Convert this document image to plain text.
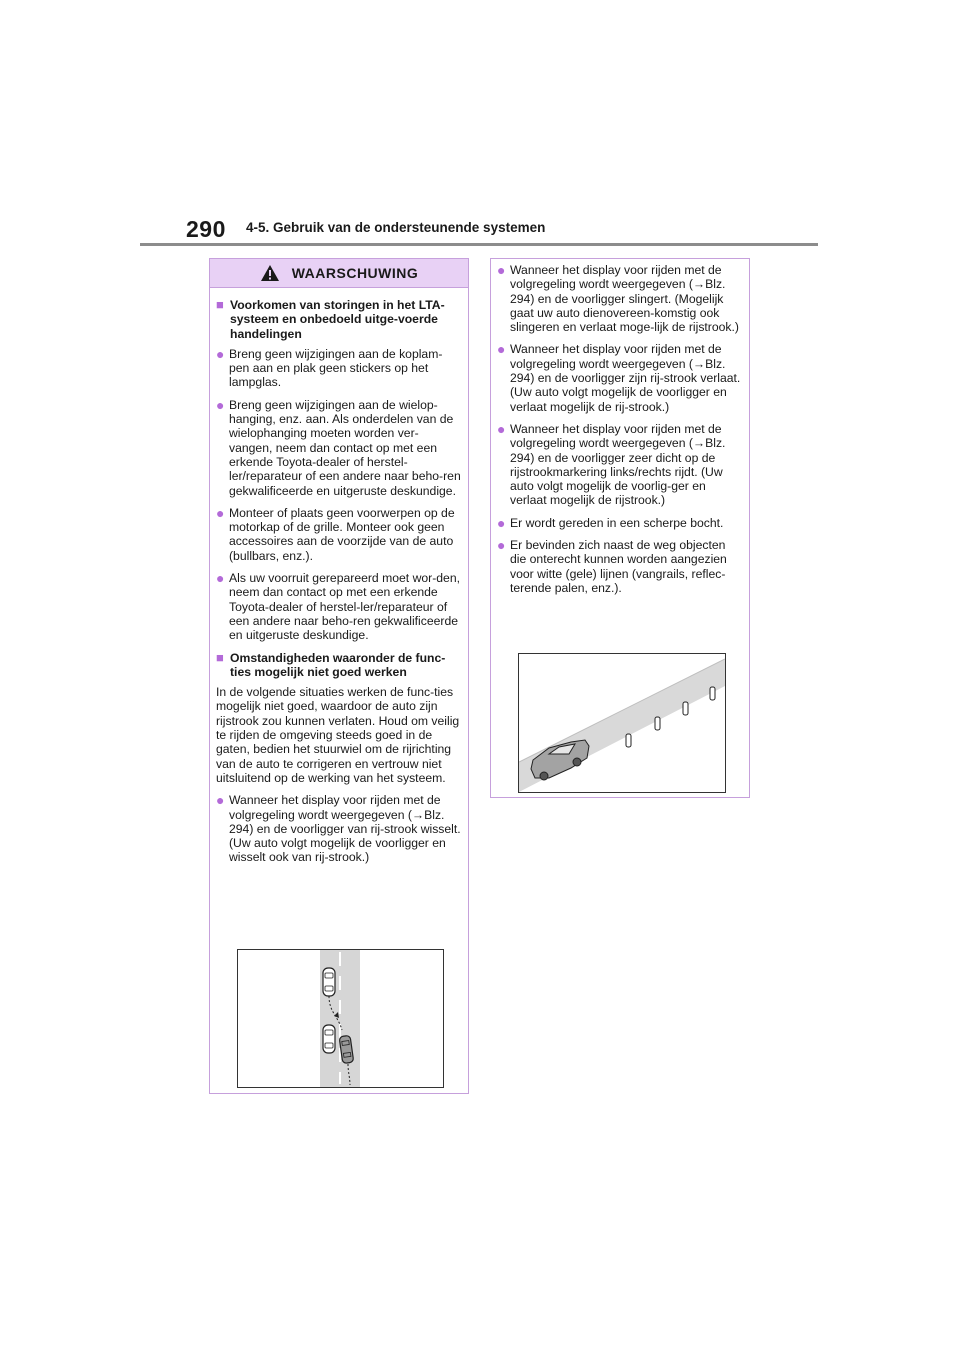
290 4-5. Gebruik van de ondersteunende systemen
WAARSCHUWING
■ Voorkomen van storingen in het LTA-systeem en onbedoeld uitge-voerde handelingen
● Breng geen wijzigingen aan de koplam-pen aan en plak geen stickers op het lampglas.
● Breng geen wijzigingen aan de wielop-hanging, enz. aan. Als onderdelen van de wielophanging moeten worden ver-vangen, neem dan contact op met een erkende Toyota-dealer of herstel-ler/reparateur of een andere naar beho-ren gekwalificeerde en uitgeruste deskundige.
● Monteer of plaats geen voorwerpen op de motorkap of de grille. Monteer ook geen accessoires aan de voorzijde van de auto (bullbars, enz.).
● Als uw voorruit gerepareerd moet wor-den, neem dan contact op met een erkende Toyota-dealer of herstel-ler/reparateur of een andere naar beho-ren gekwalificeerde en uitgeruste deskundige.
■ Omstandigheden waaronder de func-ties mogelijk niet goed werken
In de volgende situaties werken de func-ties mogelijk niet goed, waardoor de auto zijn rijstrook zou kunnen verlaten. Houd om veilig te rijden de omgeving steeds goed in de gaten, bedien het stuurwiel om de rijrichting van de auto te corrigeren en vertrouw niet uitsluitend op de werking van het systeem.
● Wanneer het display voor rijden met de volgregeling wordt weergegeven (→Blz. 294) en de voorligger van rij-strook wisselt. (Uw auto volgt mogelijk de voorligger en wisselt ook van rij-strook.)
● Wanneer het display voor rijden met de volgregeling wordt weergegeven (→Blz. 294) en de voorligger slingert. (Mogelijk gaat uw auto dienovereen-komstig ook slingeren en verlaat moge-lijk de rijstrook.)
● Wanneer het display voor rijden met de volgregeling wordt weergegeven (→Blz. 294) en de voorligger zijn rij-strook verlaat. (Uw auto volgt mogelijk de voorligger en verlaat mogelijk de rij-strook.)
● Wanneer het display voor rijden met de volgregeling wordt weergegeven (→Blz. 294) en de voorligger zeer dicht op de rijstrookmarkering links/rechts rijdt. (Uw auto volgt mogelijk de voorlig-ger en verlaat mogelijk de rijstrook.)
● Er wordt gereden in een scherpe bocht.
● Er bevinden zich naast de weg objecten die onterecht kunnen worden aangezien voor witte (gele) lijnen (vangrails, reflec-terende palen, enz.).
